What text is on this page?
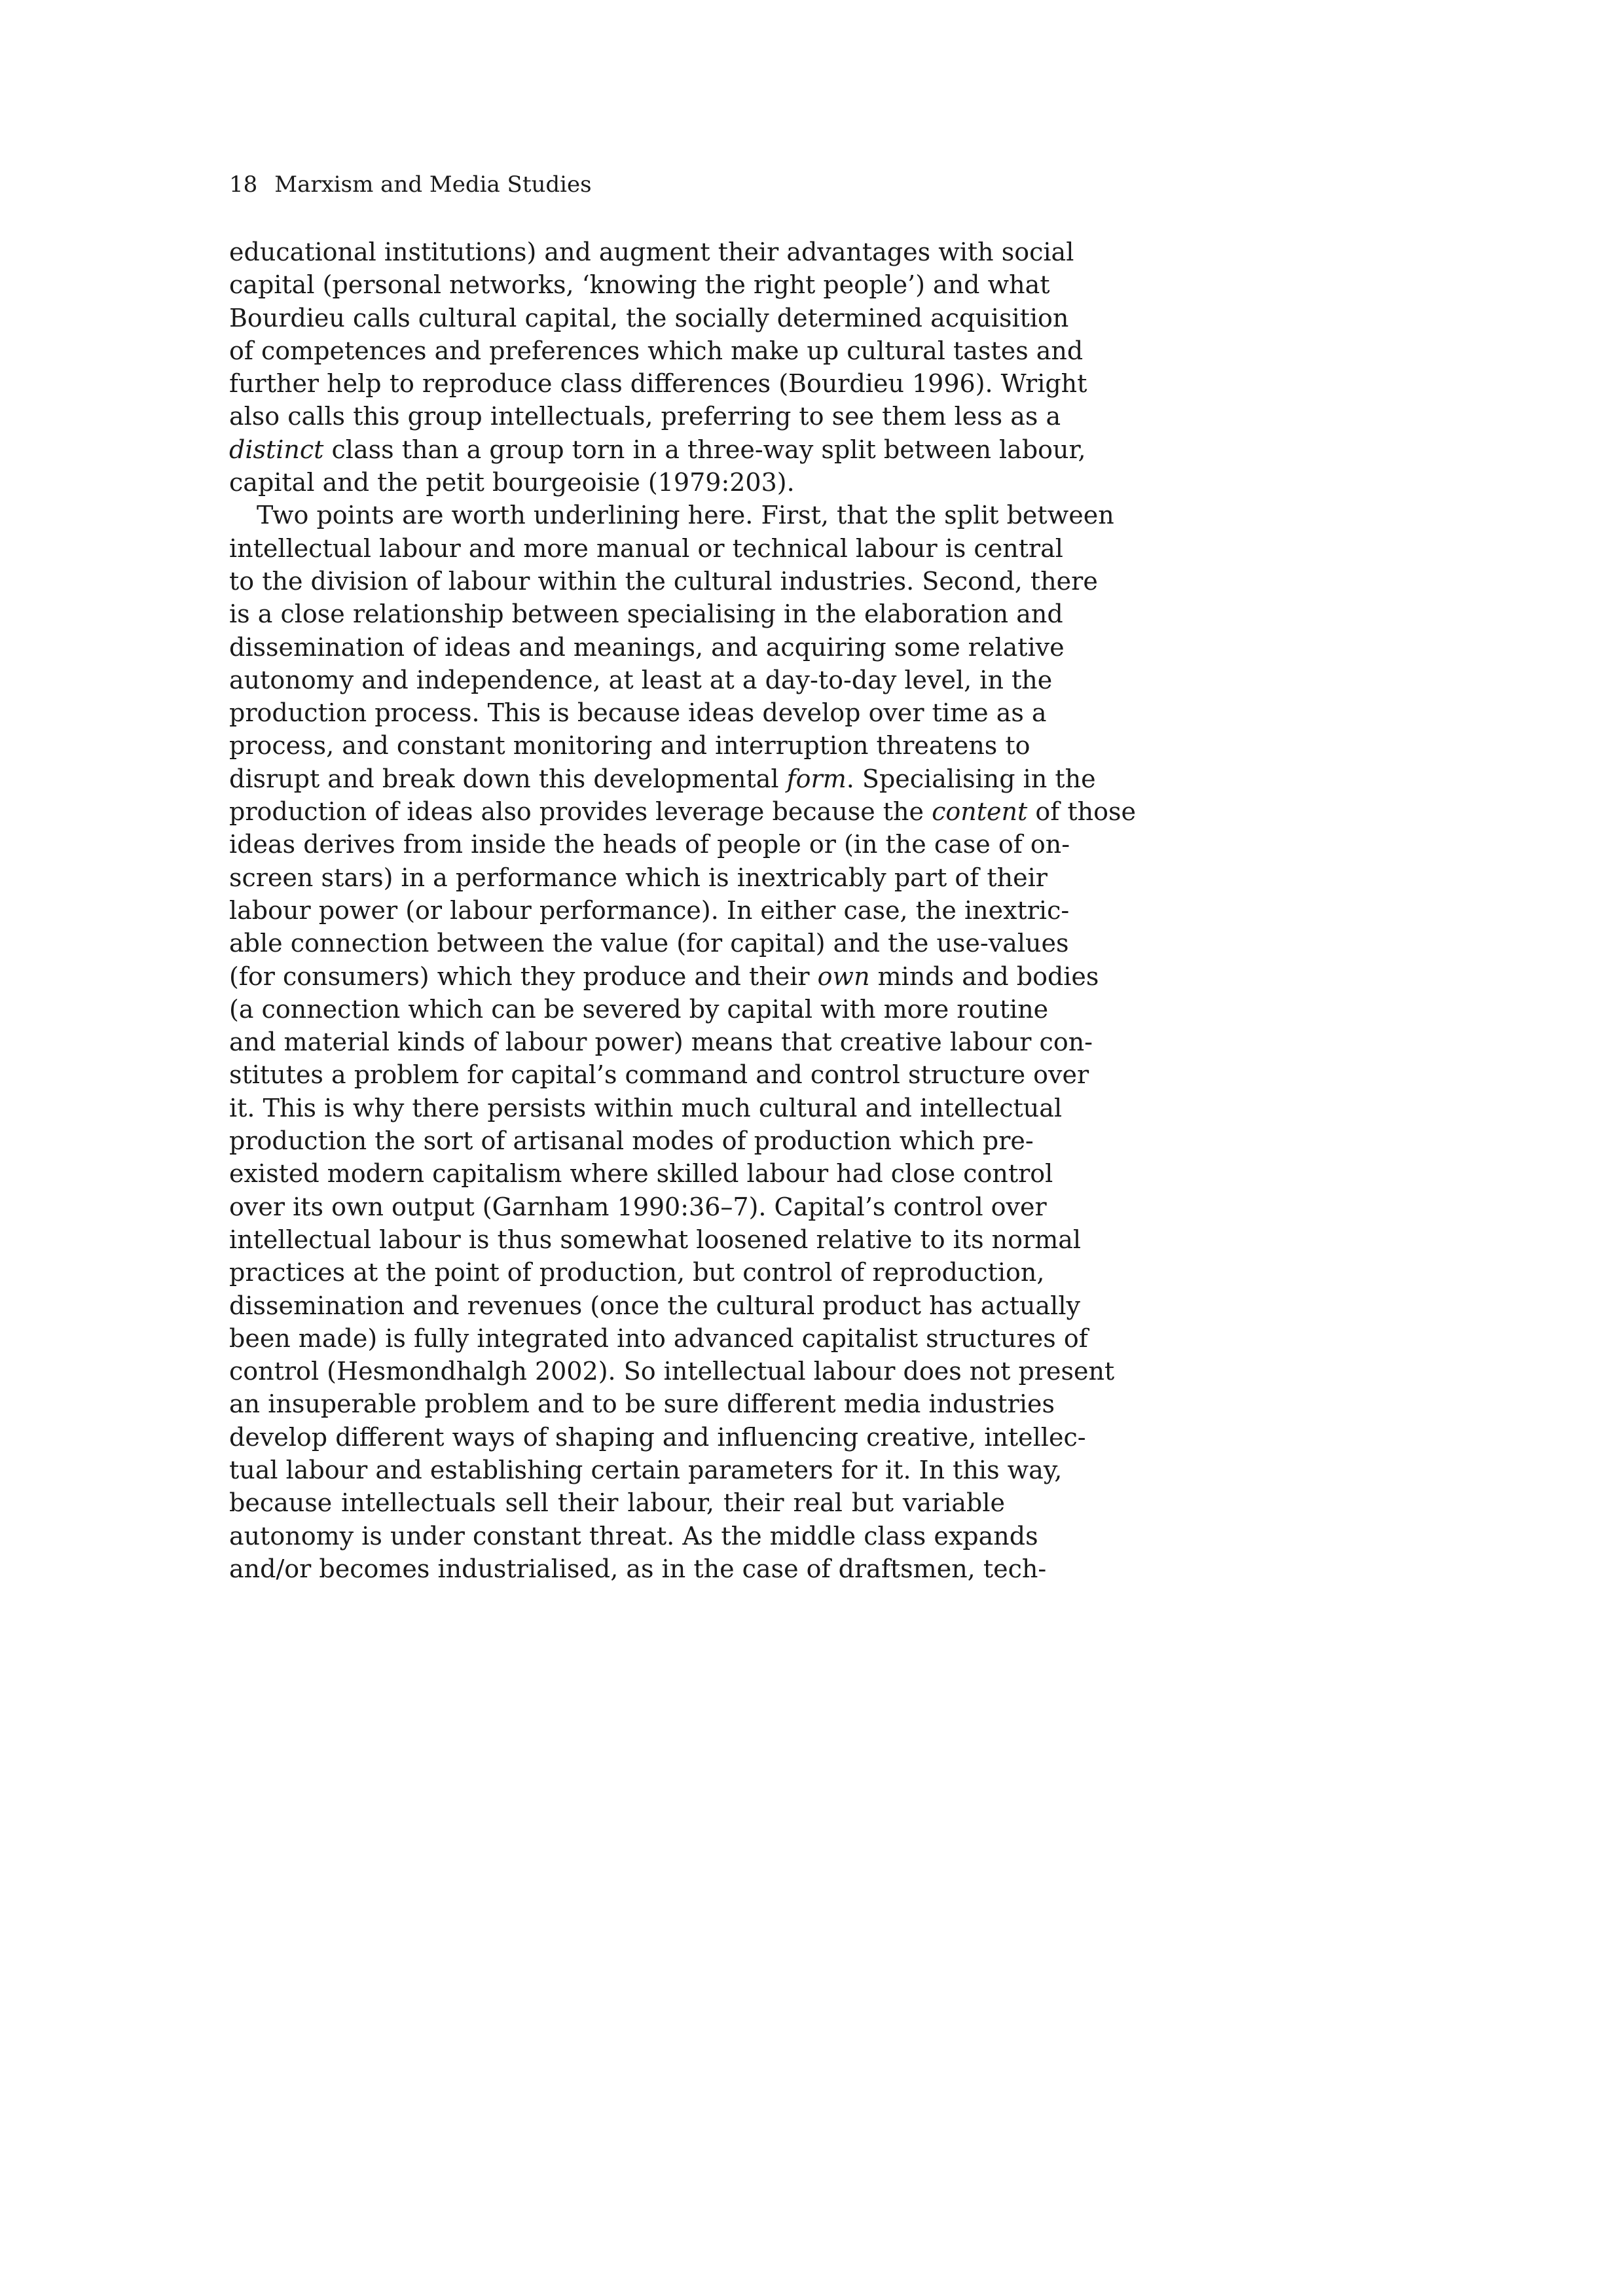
18 Marxism and Media Studies
educational institutions) and augment their advantages with social
capital (personal networks, ‘knowing the right people’) and what
Bourdieu calls cultural capital, the socially determined acquisition
of competences and preferences which make up cultural tastes and
further help to reproduce class differences (Bourdieu 1996). Wright
also calls this group intellectuals, preferring to see them less as a
distinct class than a group torn in a three-way split between labour,
capital and the petit bourgeoisie (1979:203).
Two points are worth underlining here. First, that the split between
intellectual labour and more manual or technical labour is central
to the division of labour within the cultural industries. Second, there
is a close relationship between specialising in the elaboration and
dissemination of ideas and meanings, and acquiring some relative
autonomy and independence, at least at a day-to-day level, in the
production process. This is because ideas develop over time as a
process, and constant monitoring and interruption threatens to
disrupt and break down this developmental form. Specialising in the
production of ideas also provides leverage because the content of those
ideas derives from inside the heads of people or (in the case of on-
screen stars) in a performance which is inextricably part of their
labour power (or labour performance). In either case, the inextric-
able connection between the value (for capital) and the use-values
(for consumers) which they produce and their own minds and bodies
(a connection which can be severed by capital with more routine
and material kinds of labour power) means that creative labour con-
stitutes a problem for capital’s command and control structure over
it. This is why there persists within much cultural and intellectual
production the sort of artisanal modes of production which pre-
existed modern capitalism where skilled labour had close control
over its own output (Garnham 1990:36–7). Capital’s control over
intellectual labour is thus somewhat loosened relative to its normal
practices at the point of production, but control of reproduction,
dissemination and revenues (once the cultural product has actually
been made) is fully integrated into advanced capitalist structures of
control (Hesmondhalgh 2002). So intellectual labour does not present
an insuperable problem and to be sure different media industries
develop different ways of shaping and influencing creative, intellec-
tual labour and establishing certain parameters for it. In this way,
because intellectuals sell their labour, their real but variable
autonomy is under constant threat. As the middle class expands
and/or becomes industrialised, as in the case of draftsmen, tech-
